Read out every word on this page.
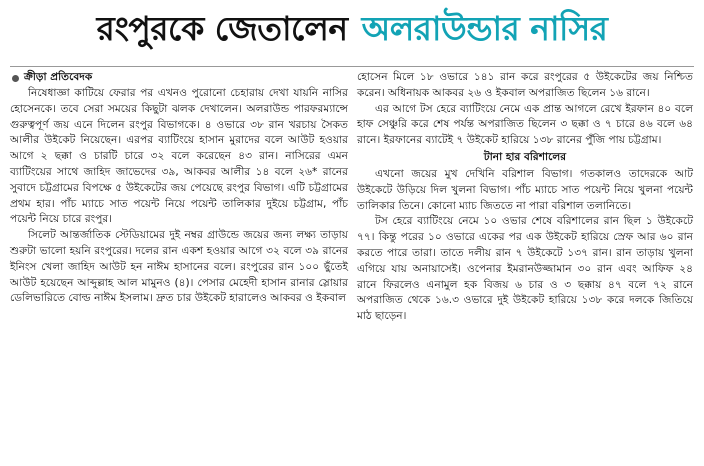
রংপুরকে জেতালেন অলরাউন্ডার নাসির
ক্রীড়া প্রতিবেদক

নিষেধাজ্ঞা কাটিয়ে ফেরার পর এখনও পুরোনো চেহারায় দেখা যায়নি নাসির হোসেনকে। তবে সেরা সময়ের কিছুটা ঝলক দেখালেন। অলরাউন্ড পারফরম্যান্সে গুরুত্বপূর্ণ জয় এনে দিলেন রংপুর বিভাগকে। ৪ ওভারে ৩৮ রান খরচায় সৈকত আলীর উইকেট নিয়েছেন। এরপর ব্যাটিংয়ে হাসান মুরাদের বলে আউট হওয়ার আগে ২ ছক্কা ও চারটি চারে ৩২ বলে করেছেন ৪৩ রান। নাসিরের এমন ব্যাটিংয়ের সাথে জাহিদ জাভেদের ৩৯, আকবর আলীর ১৪ বলে ২৬* রানের সুবাদে চট্টগ্রামের বিপক্ষে ৫ উইকেটের জয় পেয়েছে রংপুর বিভাগ। এটি চট্টগ্রামের প্রথম হার। পাঁচ ম্যাচে সাত পয়েন্ট নিয়ে পয়েন্ট তালিকার দুইয়ে চট্টগ্রাম, পাঁচ পয়েন্ট নিয়ে চারে রংপুর।

সিলেট আন্তর্জাতিক স্টেডিয়ামের দুই নম্বর গ্রাউন্ডে জয়ের জন্য লক্ষ্য তাড়ায় শুরুটা ভালো হয়নি রংপুরের। দলের রান একশ হওয়ার আগে ৩২ বলে ৩৯ রানের ইনিংস খেলা জাহিদ আউট হন নাঈম হাসানের বলে। রংপুরের রান ১০০ ছুঁতেই আউট হয়েছেন আব্দুল্লাহ আল মামুনও (৪)। পেসার মেহেদী হাসান রানার স্লোয়ার ডেলিভারিতে বোল্ড নাঈম ইসলাম। দ্রুত চার উইকেট হারালেও আকবর ও ইকবাল

হোসেন মিলে ১৮ ওভারে ১৪১ রান করে রংপুরের ৫ উইকেটের জয় নিশ্চিত করেন। অধিনায়ক আকবর ২৬ ও ইকবাল অপরাজিত ছিলেন ১৬ রানে।

এর আগে টস হেরে ব্যাটিংয়ে নেমে এক প্রান্ত আগলে রেখে ইরফান ৪০ বলে হাফ সেঞ্চুরি করে শেষ পর্যন্ত অপরাজিত ছিলেন ৩ ছক্কা ও ৭ চারে ৪৬ বলে ৬৪ রানে। ইরফানের ব্যাটেই ৭ উইকেট হারিয়ে ১৩৮ রানের পুঁজি পায় চট্টগ্রাম।

টানা হার বরিশালের

এখনো জয়ের মুখ দেখিনি বরিশাল বিভাগ। গতকালও তাদেরকে আট উইকেটে উড়িয়ে দিল খুলনা বিভাগ। পাঁচ ম্যাচে সাত পয়েন্ট নিয়ে খুলনা পয়েন্ট তালিকার তিনে। কোনো ম্যাচ জিততে না পারা বরিশাল তলানিতে।

টস হেরে ব্যাটিংয়ে নেমে ১০ ওভার শেষে বরিশালের রান ছিল ১ উইকেটে ৭৭। কিন্তু পরের ১০ ওভারে একের পর এক উইকেট হারিয়ে স্রেফ আর ৬০ রান করতে পারে তারা। তাতে দলীয় রান ৭ উইকেটে ১৩৭ রান। রান তাড়ায় খুলনা এগিয়ে যায় অনায়াসেই। ওপেনার ইমরানউজ্জামান ৩০ রান এবং আফিফ ২৪ রানে ফিরলেও এনামুল হক বিজয় ৬ চার ও ৩ ছক্কায় ৪৭ বলে ৭২ রানে অপরাজিত থেকে ১৬.৩ ওভারে দুই উইকেট হারিয়ে ১৩৮ করে দলকে জিতিয়ে মাঠ ছাড়েন।
